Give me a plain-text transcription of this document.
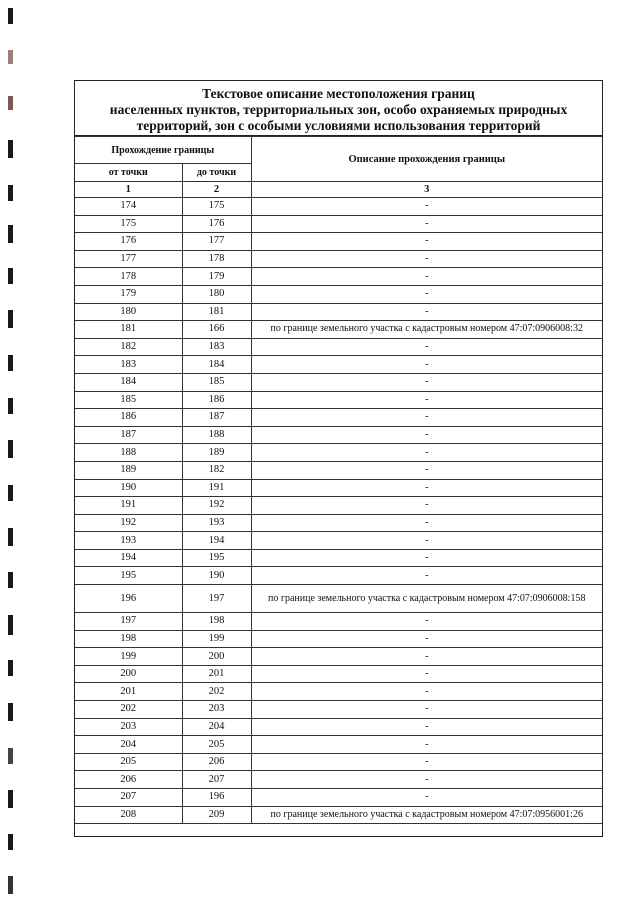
Текстовое описание местоположения границ
населенных пунктов, территориальных зон, особо охраняемых природных
территорий, зон с особыми условиями использования территорий
Прохождение границы		Описание прохождения границы
от точки	до точки	
1	2	3
174	175	-
175	176	-
176	177	-
177	178	-
178	179	-
179	180	-
180	181	-
181	166	по границе земельного участка с кадастровым номером 47:07:0906008:32
182	183	-
183	184	-
184	185	-
185	186	-
186	187	-
187	188	-
188	189	-
189	182	-
190	191	-
191	192	-
192	193	-
193	194	-
194	195	-
195	190	-
196	197	по границе земельного участка с кадастровым номером 47:07:0906008:158
197	198	-
198	199	-
199	200	-
200	201	-
201	202	-
202	203	-
203	204	-
204	205	-
205	206	-
206	207	-
207	196	-
208	209	по границе земельного участка с кадастровым номером 47:07:0956001:26
